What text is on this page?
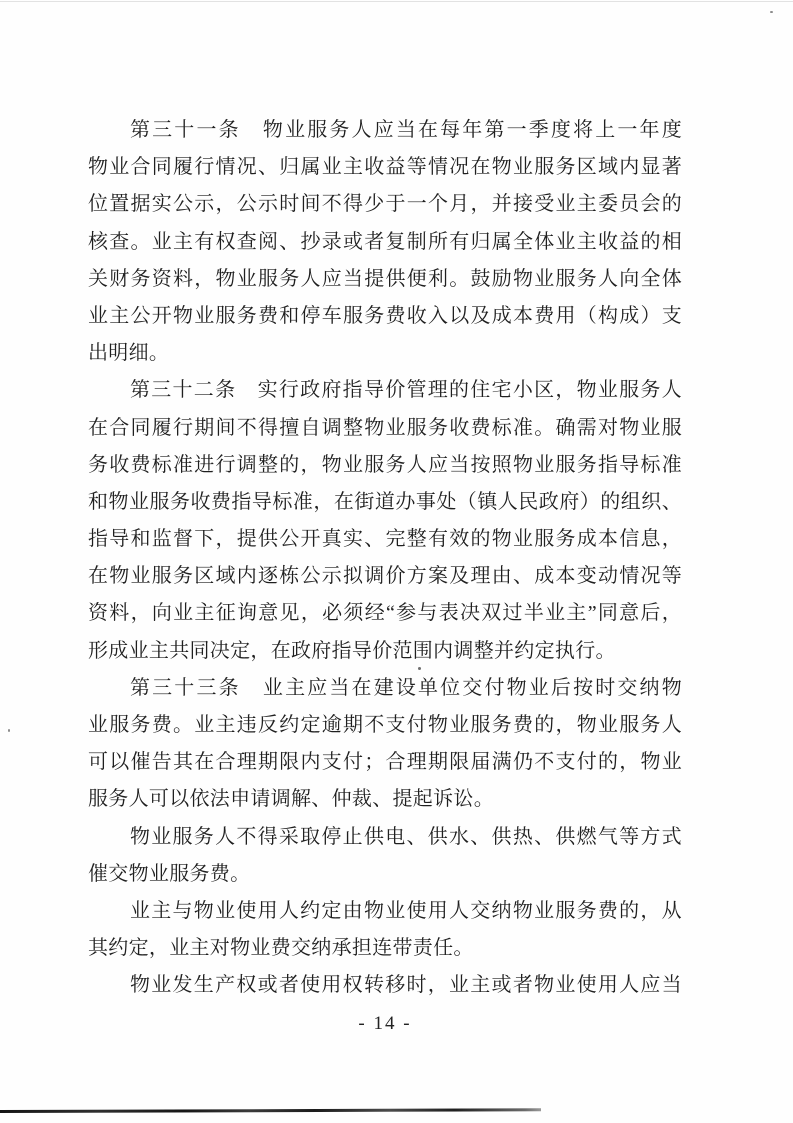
第三十一条　物业服务人应当在每年第一季度将上一年度
物业合同履行情况、归属业主收益等情况在物业服务区域内显著
位置据实公示，公示时间不得少于一个月，并接受业主委员会的
核查。业主有权查阅、抄录或者复制所有归属全体业主收益的相
关财务资料，物业服务人应当提供便利。鼓励物业服务人向全体
业主公开物业服务费和停车服务费收入以及成本费用（构成）支
出明细。
第三十二条　实行政府指导价管理的住宅小区，物业服务人
在合同履行期间不得擅自调整物业服务收费标准。确需对物业服
务收费标准进行调整的，物业服务人应当按照物业服务指导标准
和物业服务收费指导标准，在街道办事处（镇人民政府）的组织、
指导和监督下，提供公开真实、完整有效的物业服务成本信息，
在物业服务区域内逐栋公示拟调价方案及理由、成本变动情况等
资料，向业主征询意见，必须经“参与表决双过半业主”同意后，
形成业主共同决定，在政府指导价范围内调整并约定执行。
第三十三条　业主应当在建设单位交付物业后按时交纳物
业服务费。业主违反约定逾期不支付物业服务费的，物业服务人
可以催告其在合理期限内支付；合理期限届满仍不支付的，物业
服务人可以依法申请调解、仲裁、提起诉讼。
物业服务人不得采取停止供电、供水、供热、供燃气等方式
催交物业服务费。
业主与物业使用人约定由物业使用人交纳物业服务费的，从
其约定，业主对物业费交纳承担连带责任。
物业发生产权或者使用权转移时，业主或者物业使用人应当
- 14 -
